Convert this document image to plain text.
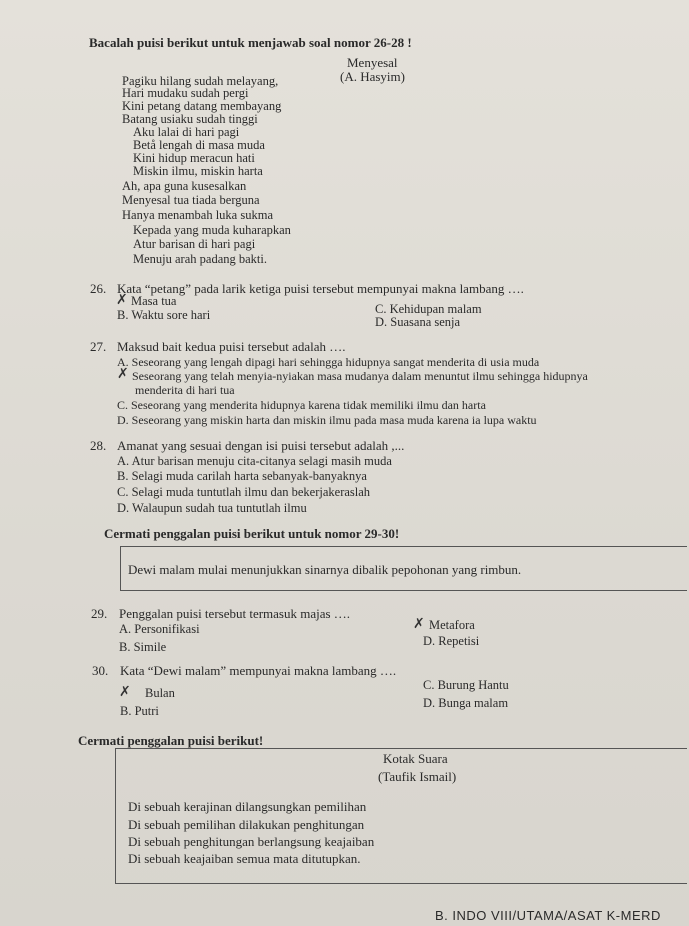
Bacalah puisi berikut untuk menjawab soal nomor 26-28 !
Menyesal
(A. Hasyim)
Pagiku hilang sudah melayang,
Hari mudaku sudah pergi
Kini petang datang membayang
Batang usiaku sudah tinggi
Aku lalai di hari pagi
Betå lengah di masa muda
Kini hidup meracun hati
Miskin ilmu, miskin harta
Ah, apa guna kusesalkan
Menyesal tua tiada berguna
Hanya menambah luka sukma
Kepada yang muda kuharapkan
Atur barisan di hari pagi
Menuju arah padang bakti.
26. Kata “petang” pada larik ketiga puisi tersebut mempunyai makna lambang ….
✗ Masa tua
B. Waktu sore hari	C. Kehidupan malam
D. Suasana senja
27. Maksud bait kedua puisi tersebut adalah ….
A. Seseorang yang lengah dipagi hari sehingga hidupnya sangat menderita di usia muda
✗ Seseorang yang telah menyia-nyiakan masa mudanya dalam menuntut ilmu sehingga hidupnya
menderita di hari tua
C. Seseorang yang menderita hidupnya karena tidak memiliki ilmu dan harta
D. Seseorang yang miskin harta dan miskin ilmu pada masa muda karena ia lupa waktu
28. Amanat yang sesuai dengan isi puisi tersebut adalah ,...
A. Atur barisan menuju cita-citanya selagi masih muda
B. Selagi muda carilah harta sebanyak-banyaknya
C. Selagi muda tuntutlah ilmu dan bekerjakeraslah
D. Walaupun sudah tua tuntutlah ilmu
Cermati penggalan puisi berikut untuk nomor 29-30!
Dewi malam mulai menunjukkan sinarnya dibalik pepohonan yang rimbun.
29. Penggalan puisi tersebut termasuk majas ….
A. Personifikasi
B. Simile
✗ Metafora
D. Repetisi
30. Kata “Dewi malam” mempunyai makna lambang ….
✗ Bulan
B. Putri
C. Burung Hantu
D. Bunga malam
Cermati penggalan puisi berikut!
Kotak Suara
(Taufik Ismail)
Di sebuah kerajinan dilangsungkan pemilihan
Di sebuah pemilihan dilakukan penghitungan
Di sebuah penghitungan berlangsung keajaiban
Di sebuah keajaiban semua mata ditutupkan.
B. INDO VIII/UTAMA/ASAT K-MERD
